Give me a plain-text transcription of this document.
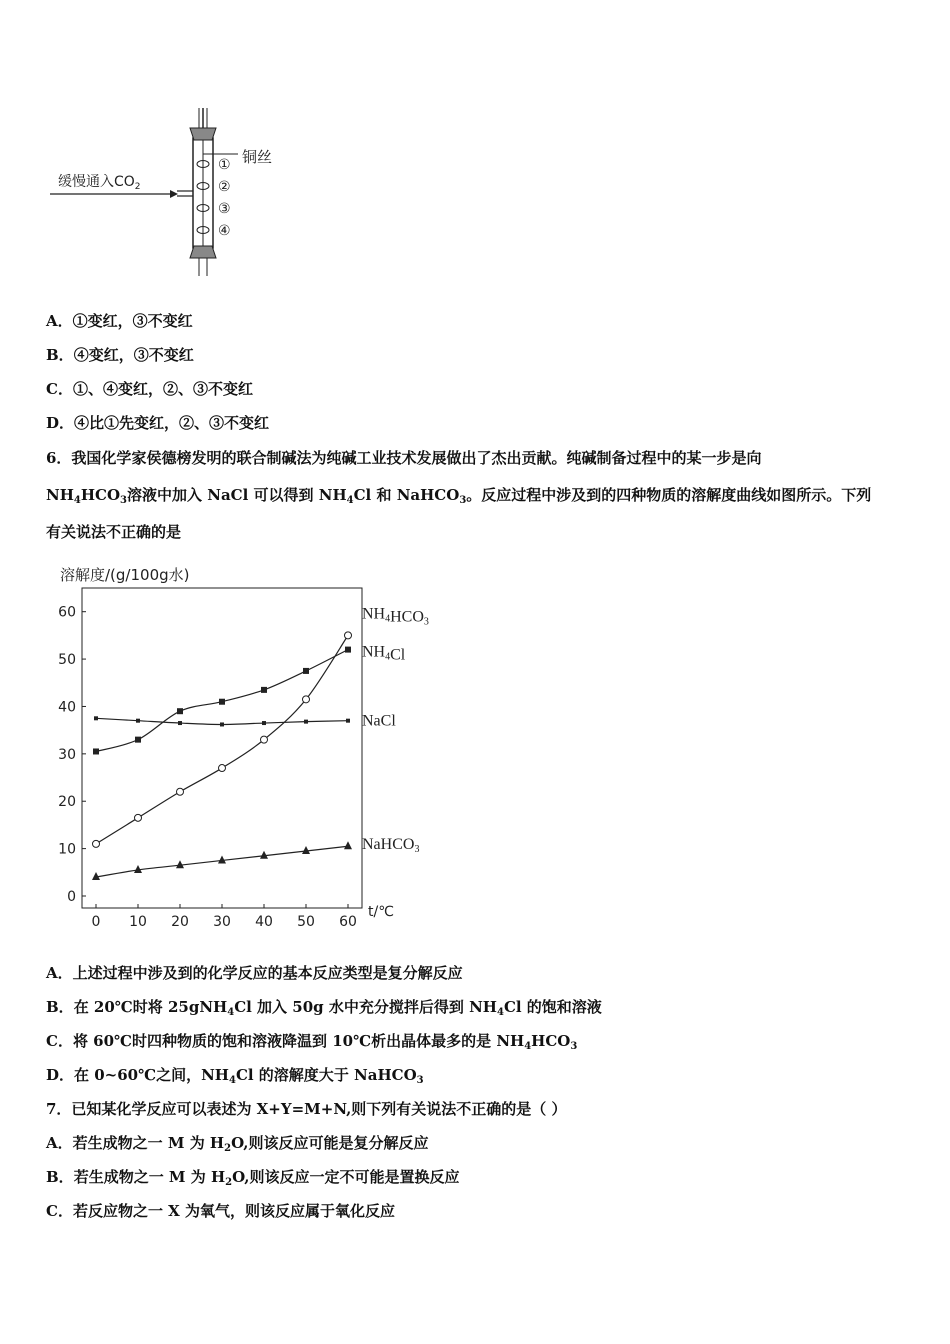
缓慢通入$CO_2$
铜丝
①
②
③
④
A．①变红，③不变红
B．④变红，③不变红
C．①、④变红，②、③不变红
D．④比①先变红，②、③不变红
6．我国化学家侯德榜发明的联合制碱法为纯碱工业技术发展做出了杰出贡献。纯碱制备过程中的某一步是向
$NH_4HCO_3$溶液中加入 NaCl 可以得到 $NH_4Cl$ 和 NaHCO$_3$。反应过程中涉及到的四种物质的溶解度曲线如图所示。下列
有关说法不正确的是
溶解度/(g/100g水)
0
10
20
30
40
50
60
0 10 20 30 40 50 60
NH4HCO3
NH4Cl
NaCl
NaHCO3
t/℃
A．上述过程中涉及到的化学反应的基本反应类型是复分解反应
B．在 20℃时将 25gNH$_4$Cl 加入 50g 水中充分搅拌后得到 $NH_4Cl$ 的饱和溶液
C．将 60℃时四种物质的饱和溶液降温到 10℃析出晶体最多的是 $NH_4HCO_3$
D．在 0~60℃之间，$NH_4Cl$ 的溶解度大于 NaHCO$_3$
7．已知某化学反应可以表述为 X+Y=M+N,则下列有关说法不正确的是（ ）
A．若生成物之一 M 为 $H_2O$,则该反应可能是复分解反应
B．若生成物之一 M 为 $H_2O$,则该反应一定不可能是置换反应
C．若反应物之一 X 为氧气，则该反应属于氧化反应
